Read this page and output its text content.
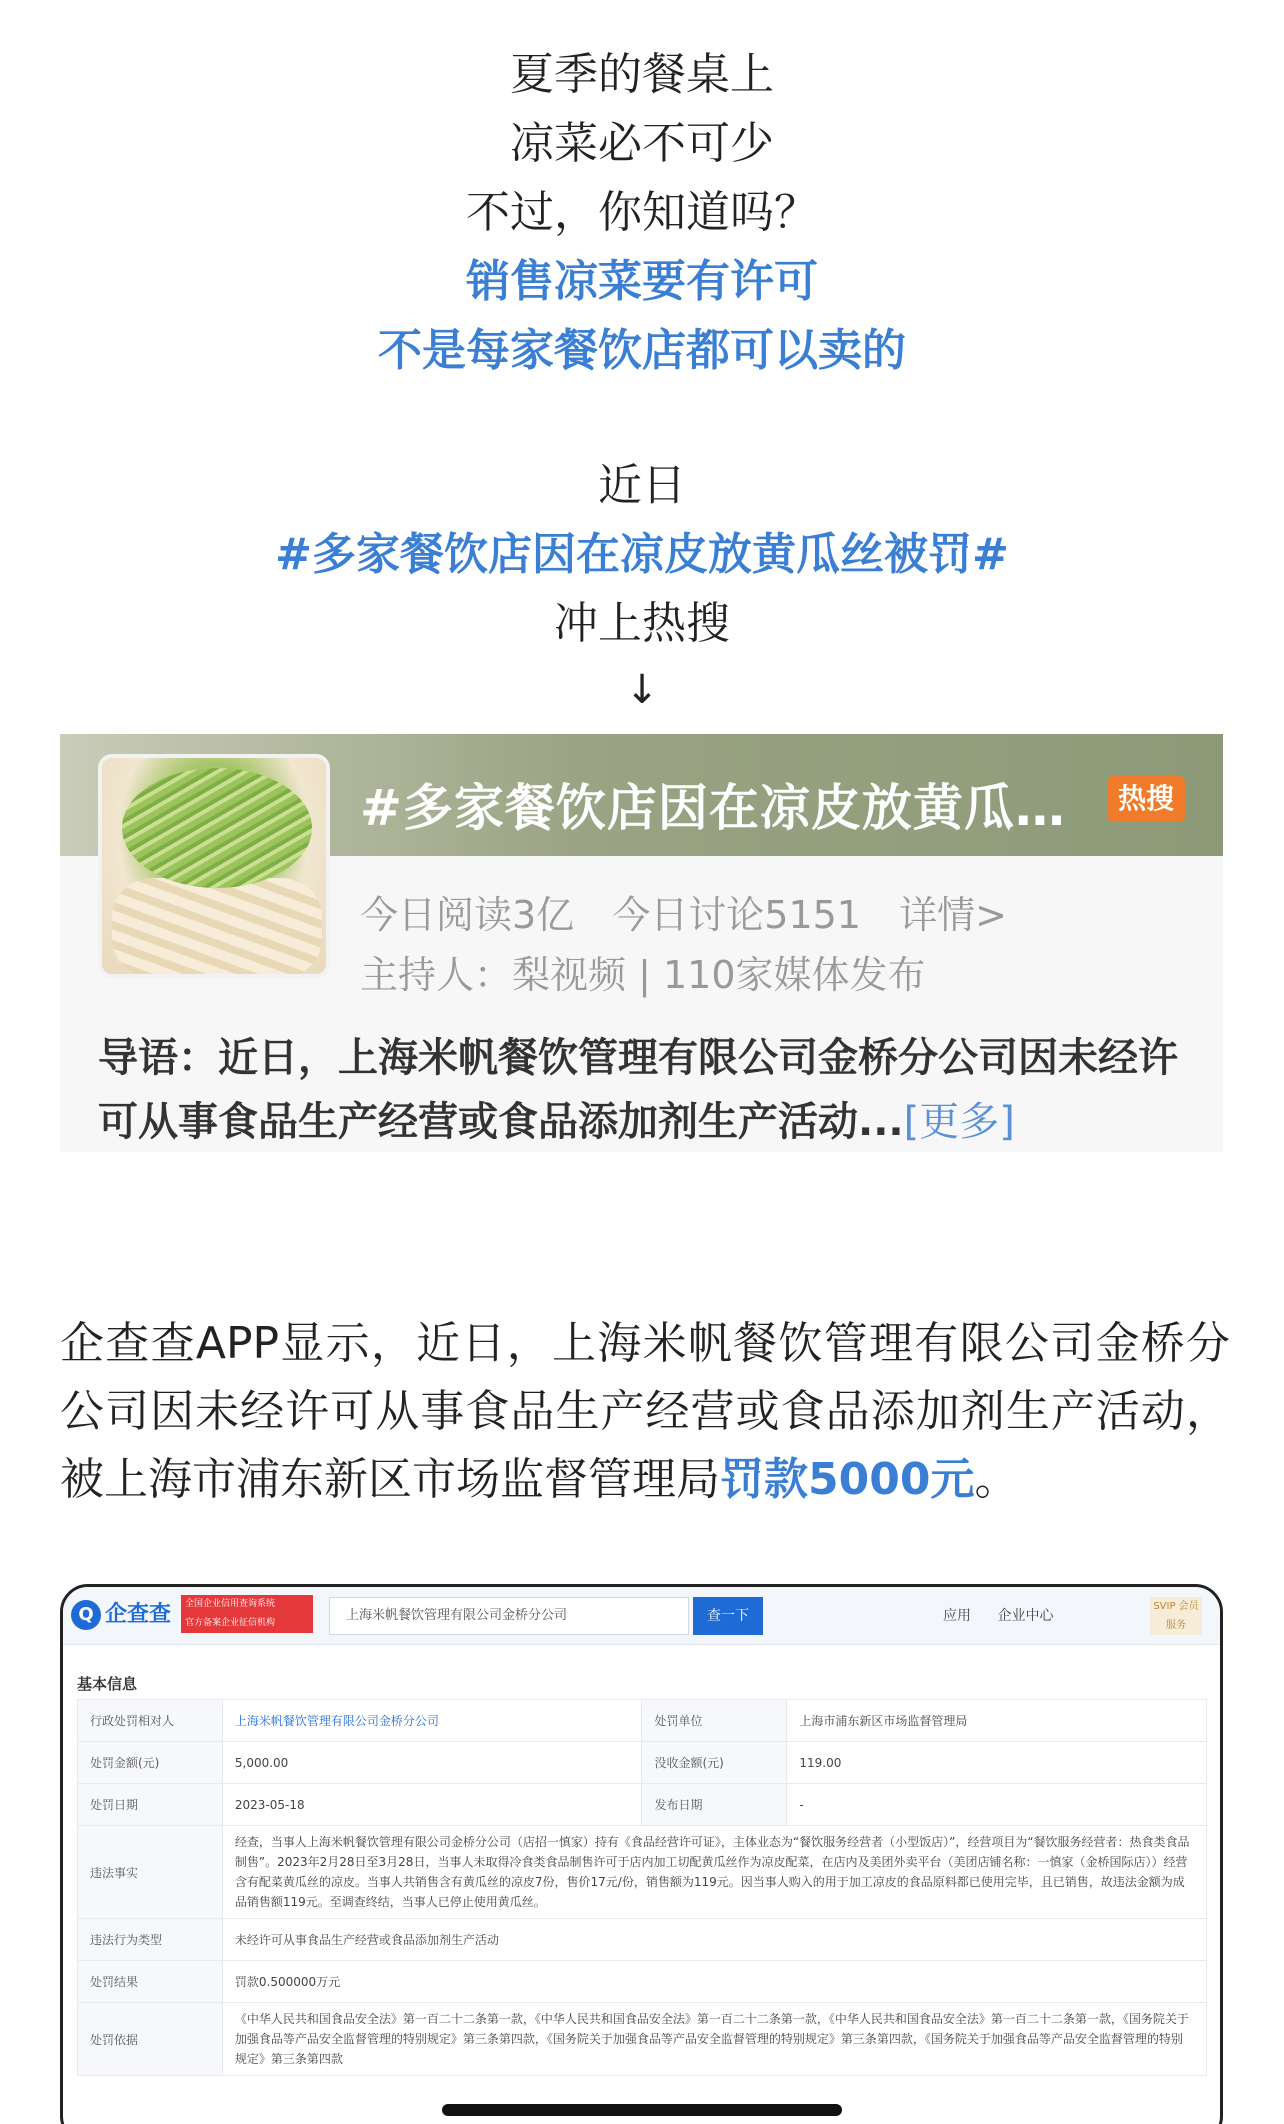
夏季的餐桌上
凉菜必不可少
不过，你知道吗？
销售凉菜要有许可
不是每家餐饮店都可以卖的
近日
#多家餐饮店因在凉皮放黄瓜丝被罚#
冲上热搜
↓
#多家餐饮店因在凉皮放黄瓜…	热搜
今日阅读3亿 今日讨论5151 详情>
主持人：梨视频 | 110家媒体发布
导语：近日，上海米帆餐饮管理有限公司金桥分公司因未经许可从事食品生产经营或食品添加剂生产活动...[更多]
企查查APP显示，近日，上海米帆餐饮管理有限公司金桥分公司因未经许可从事食品生产经营或食品添加剂生产活动，被上海市浦东新区市场监督管理局罚款5000元。
Q 企查查	全国企业信用查询系统
官方备案企业征信机构	上海米帆餐饮管理有限公司金桥分公司	查一下	应用 企业中心
SVIP 会员服务
基本信息
行政处罚相对人	上海米帆餐饮管理有限公司金桥分公司	处罚单位	上海市浦东新区市场监督管理局
处罚金额(元)	5,000.00	没收金额(元)	119.00
处罚日期	2023-05-18	发布日期	-
违法事实	经查，当事人上海米帆餐饮管理有限公司金桥分公司（店招一慎家）持有《食品经营许可证》，主体业态为“餐饮服务经营者（小型饭店）”，经营项目为“餐饮服务经营者：热食类食品制售”。2023年2月28日至3月28日，当事人未取得冷食类食品制售许可于店内加工切配黄瓜丝作为凉皮配菜，在店内及美团外卖平台（美团店铺名称：一慎家（金桥国际店））经营含有配菜黄瓜丝的凉皮。当事人共销售含有黄瓜丝的凉皮7份，售价17元/份，销售额为119元。因当事人购入的用于加工凉皮的食品原料都已使用完毕，且已销售，故违法金额为成品销售额119元。至调查终结，当事人已停止使用黄瓜丝。		
违法行为类型	未经许可从事食品生产经营或食品添加剂生产活动		
处罚结果	罚款0.500000万元		
处罚依据	《中华人民共和国食品安全法》第一百二十二条第一款，《中华人民共和国食品安全法》第一百二十二条第一款，《中华人民共和国食品安全法》第一百二十二条第一款，《国务院关于加强食品等产品安全监督管理的特别规定》第三条第四款，《国务院关于加强食品等产品安全监督管理的特别规定》第三条第四款，《国务院关于加强食品等产品安全监督管理的特别规定》第三条第四款		
